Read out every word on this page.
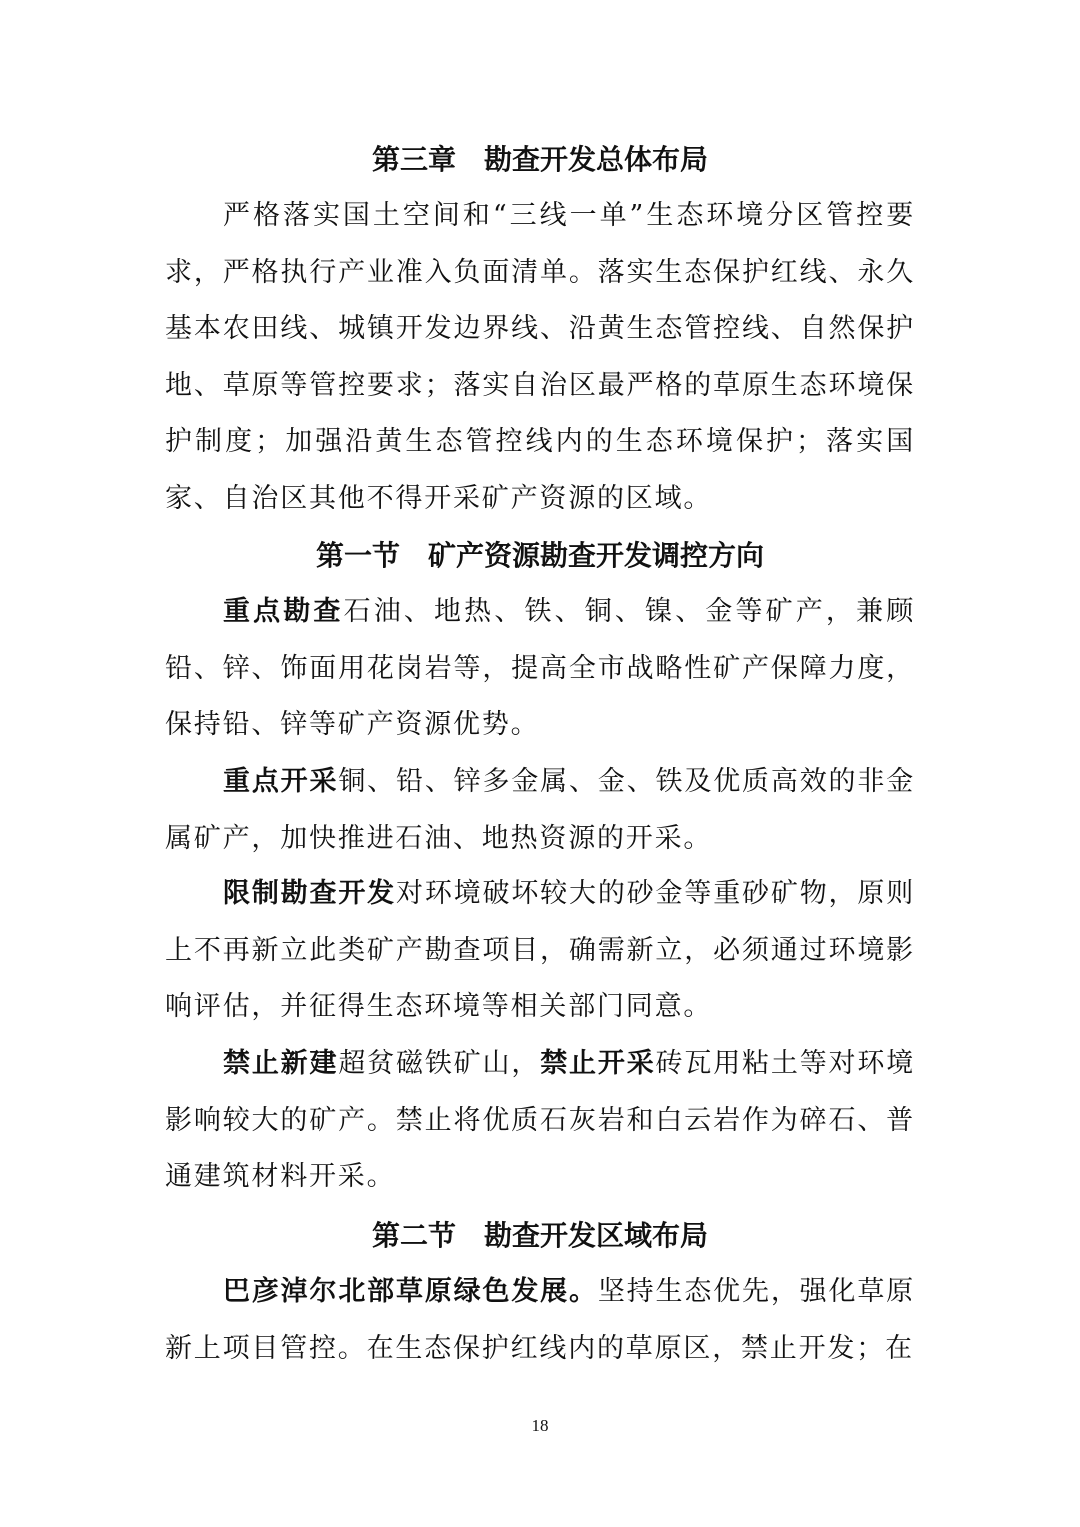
第三章　勘查开发总体布局

严格落实国土空间和“三线一单”生态环境分区管控要求，严格执行产业准入负面清单。落实生态保护红线、永久基本农田线、城镇开发边界线、沿黄生态管控线、自然保护地、草原等管控要求；落实自治区最严格的草原生态环境保护制度；加强沿黄生态管控线内的生态环境保护；落实国家、自治区其他不得开采矿产资源的区域。

第一节　矿产资源勘查开发调控方向

重点勘查石油、地热、铁、铜、镍、金等矿产，兼顾铅、锌、饰面用花岗岩等，提高全市战略性矿产保障力度，保持铅、锌等矿产资源优势。

重点开采铜、铅、锌多金属、金、铁及优质高效的非金属矿产，加快推进石油、地热资源的开采。

限制勘查开发对环境破坏较大的砂金等重砂矿物，原则上不再新立此类矿产勘查项目，确需新立，必须通过环境影响评估，并征得生态环境等相关部门同意。

禁止新建超贫磁铁矿山，禁止开采砖瓦用粘土等对环境影响较大的矿产。禁止将优质石灰岩和白云岩作为碎石、普通建筑材料开采。

第二节　勘查开发区域布局

巴彦淖尔北部草原绿色发展。坚持生态优先，强化草原新上项目管控。在生态保护红线内的草原区，禁止开发；在

18
